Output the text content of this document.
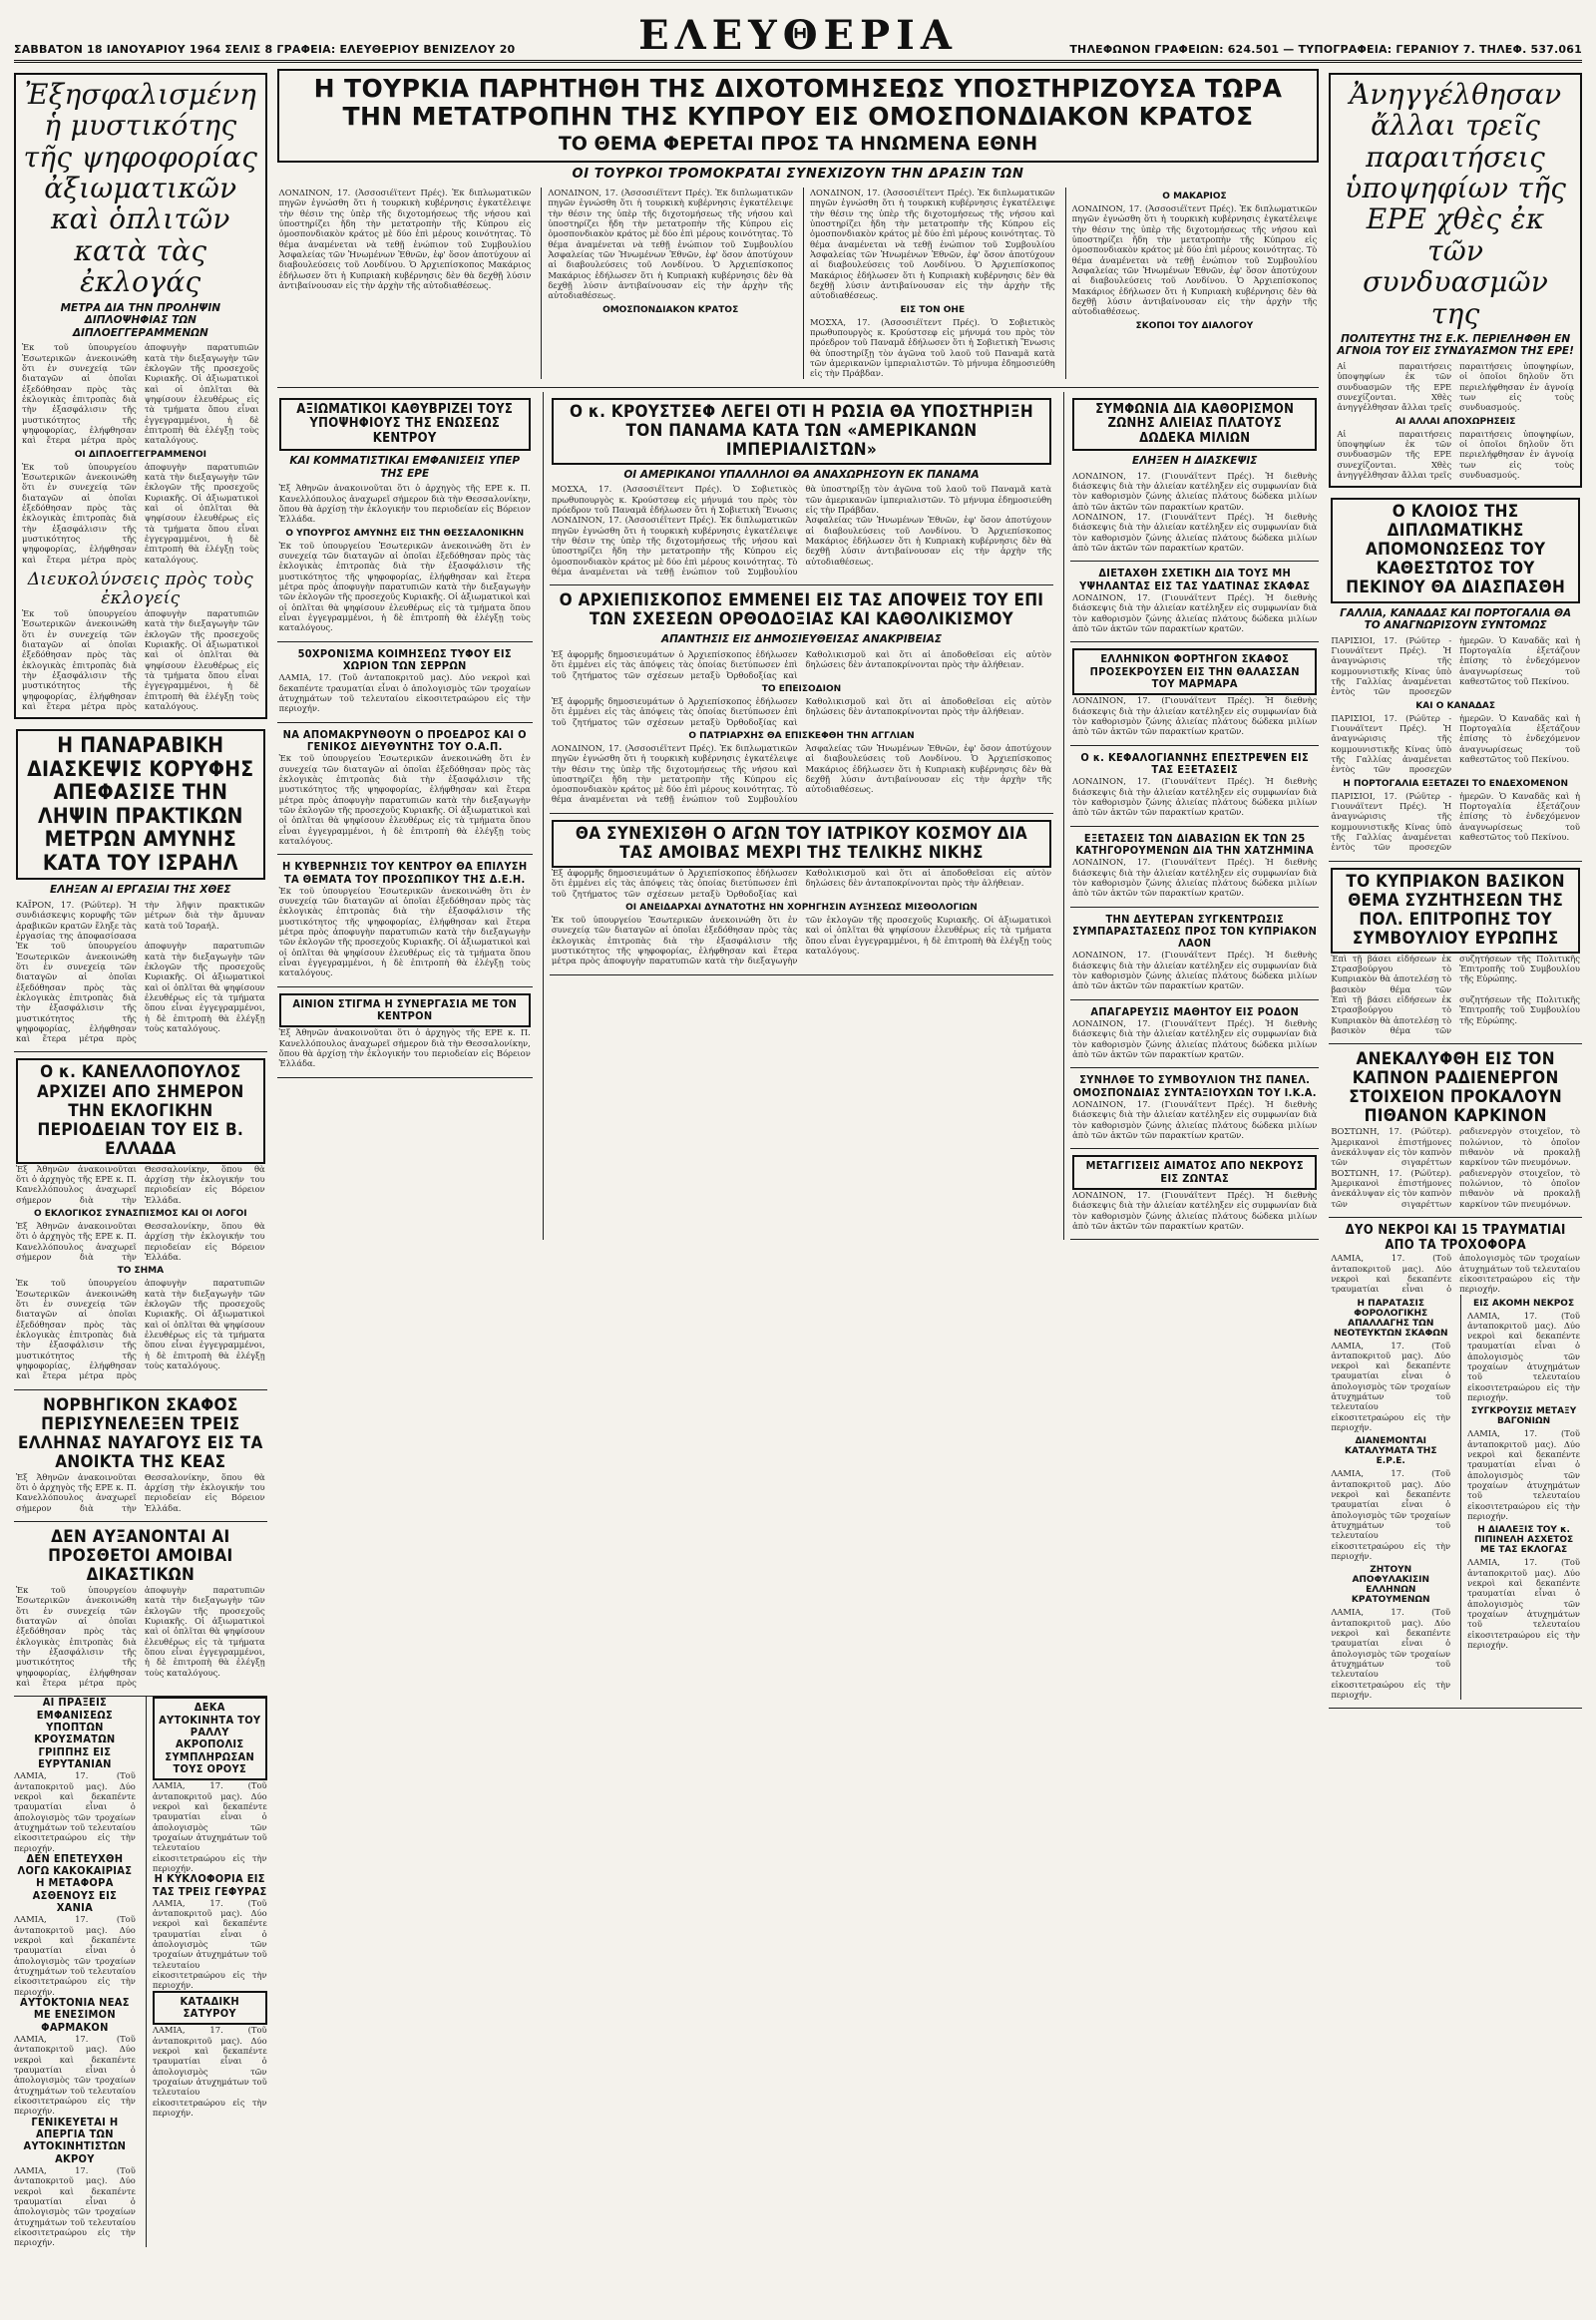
ΣΑΒΒΑΤΟΝ 18 ΙΑΝΟΥΑΡΙΟΥ 1964 ΣΕΛΙΣ 8 ΓΡΑΦΕΙΑ: ΕΛΕΥΘΕΡΙΟΥ ΒΕΝΙΖΕΛΟΥ 20	ΕΛΕΥΘΕΡΙΑ	ΤΗΛΕΦΩΝΟΝ ΓΡΑΦΕΙΩΝ: 624.501 — ΤΥΠΟΓΡΑΦΕΙΑ: ΓΕΡΑΝΙΟΥ 7. ΤΗΛΕΦ. 537.061
Ἐξησφαλισμένη ἡ μυστικότης τῆς ψηφοφορίας ἀξιωματικῶν καὶ ὁπλιτῶν κατὰ τὰς ἐκλογάς
ΜΕΤΡΑ ΔΙΑ ΤΗΝ ΠΡΟΛΗΨΙΝ ΔΙΠΛΟΨΗΦΙΑΣ ΤΩΝ ΔΙΠΛΟΕΓΓΕΡΑΜΜΕΝΩΝ
Ἐκ τοῦ ὑπουργείου Ἐσωτερικῶν ἀνεκοινώθη ὅτι ἐν συνεχείᾳ τῶν διαταγῶν αἱ ὁποῖαι ἐξεδόθησαν πρὸς τὰς ἐκλογικὰς ἐπιτροπὰς διὰ τὴν ἐξασφάλισιν τῆς μυστικότητος τῆς ψηφοφορίας, ἐλήφθησαν καὶ ἕτερα μέτρα πρὸς ἀποφυγὴν παρατυπιῶν κατὰ τὴν διεξαγωγὴν τῶν ἐκλογῶν τῆς προσεχοῦς Κυριακῆς. Οἱ ἀξιωματικοὶ καὶ οἱ ὁπλῖται θὰ ψηφίσουν ἐλευθέρως εἰς τὰ τμήματα ὅπου εἶναι ἐγγεγραμμένοι, ἡ δὲ ἐπιτροπὴ θὰ ἐλέγξῃ τοὺς καταλόγους.
ΟΙ ΔΙΠΛΟΕΓΓΕΓΡΑΜΜΕΝΟΙ
Ἐκ τοῦ ὑπουργείου Ἐσωτερικῶν ἀνεκοινώθη ὅτι ἐν συνεχείᾳ τῶν διαταγῶν αἱ ὁποῖαι ἐξεδόθησαν πρὸς τὰς ἐκλογικὰς ἐπιτροπὰς διὰ τὴν ἐξασφάλισιν τῆς μυστικότητος τῆς ψηφοφορίας, ἐλήφθησαν καὶ ἕτερα μέτρα πρὸς ἀποφυγὴν παρατυπιῶν κατὰ τὴν διεξαγωγὴν τῶν ἐκλογῶν τῆς προσεχοῦς Κυριακῆς. Οἱ ἀξιωματικοὶ καὶ οἱ ὁπλῖται θὰ ψηφίσουν ἐλευθέρως εἰς τὰ τμήματα ὅπου εἶναι ἐγγεγραμμένοι, ἡ δὲ ἐπιτροπὴ θὰ ἐλέγξῃ τοὺς καταλόγους.
Διευκολύνσεις πρὸς τοὺς ἐκλογείς
Ἐκ τοῦ ὑπουργείου Ἐσωτερικῶν ἀνεκοινώθη ὅτι ἐν συνεχείᾳ τῶν διαταγῶν αἱ ὁποῖαι ἐξεδόθησαν πρὸς τὰς ἐκλογικὰς ἐπιτροπὰς διὰ τὴν ἐξασφάλισιν τῆς μυστικότητος τῆς ψηφοφορίας, ἐλήφθησαν καὶ ἕτερα μέτρα πρὸς ἀποφυγὴν παρατυπιῶν κατὰ τὴν διεξαγωγὴν τῶν ἐκλογῶν τῆς προσεχοῦς Κυριακῆς. Οἱ ἀξιωματικοὶ καὶ οἱ ὁπλῖται θὰ ψηφίσουν ἐλευθέρως εἰς τὰ τμήματα ὅπου εἶναι ἐγγεγραμμένοι, ἡ δὲ ἐπιτροπὴ θὰ ἐλέγξῃ τοὺς καταλόγους.
Η ΠΑΝΑΡΑΒΙΚΗ ΔΙΑΣΚΕΨΙΣ ΚΟΡΥΦΗΣ ΑΠΕΦΑΣΙΣΕ ΤΗΝ ΛΗΨΙΝ ΠΡΑΚΤΙΚΩΝ ΜΕΤΡΩΝ ΑΜΥΝΗΣ ΚΑΤΑ ΤΟΥ ΙΣΡΑΗΛ
ΕΛΗΞΑΝ ΑΙ ΕΡΓΑΣΙΑΙ ΤΗΣ ΧΘΕΣ
ΚΑΪΡΟΝ, 17. (Ρώϋτερ). Ἡ συνδιάσκεψις κορυφῆς τῶν ἀραβικῶν κρατῶν ἔληξε τὰς ἐργασίας της ἀποφασίσασα τὴν λῆψιν πρακτικῶν μέτρων διὰ τὴν ἄμυναν κατὰ τοῦ Ἰσραήλ.
Ἐκ τοῦ ὑπουργείου Ἐσωτερικῶν ἀνεκοινώθη ὅτι ἐν συνεχείᾳ τῶν διαταγῶν αἱ ὁποῖαι ἐξεδόθησαν πρὸς τὰς ἐκλογικὰς ἐπιτροπὰς διὰ τὴν ἐξασφάλισιν τῆς μυστικότητος τῆς ψηφοφορίας, ἐλήφθησαν καὶ ἕτερα μέτρα πρὸς ἀποφυγὴν παρατυπιῶν κατὰ τὴν διεξαγωγὴν τῶν ἐκλογῶν τῆς προσεχοῦς Κυριακῆς. Οἱ ἀξιωματικοὶ καὶ οἱ ὁπλῖται θὰ ψηφίσουν ἐλευθέρως εἰς τὰ τμήματα ὅπου εἶναι ἐγγεγραμμένοι, ἡ δὲ ἐπιτροπὴ θὰ ἐλέγξῃ τοὺς καταλόγους.
Ο κ. ΚΑΝΕΛΛΟΠΟΥΛΟΣ ΑΡΧΙΖΕΙ ΑΠΟ ΣΗΜΕΡΟΝ ΤΗΝ ΕΚΛΟΓΙΚΗΝ ΠΕΡΙΟΔΕΙΑΝ ΤΟΥ ΕΙΣ Β. ΕΛΛΑΔΑ
Ἐξ Ἀθηνῶν ἀνακοινοῦται ὅτι ὁ ἀρχηγὸς τῆς ΕΡΕ κ. Π. Κανελλόπουλος ἀναχωρεῖ σήμερον διὰ τὴν Θεσσαλονίκην, ὅπου θὰ ἀρχίσῃ τὴν ἐκλογικήν του περιοδείαν εἰς Βόρειον Ἑλλάδα.
Ο ΕΚΛΟΓΙΚΟΣ ΣΥΝΑΣΠΙΣΜΟΣ ΚΑΙ ΟΙ ΛΟΓΟΙ
Ἐξ Ἀθηνῶν ἀνακοινοῦται ὅτι ὁ ἀρχηγὸς τῆς ΕΡΕ κ. Π. Κανελλόπουλος ἀναχωρεῖ σήμερον διὰ τὴν Θεσσαλονίκην, ὅπου θὰ ἀρχίσῃ τὴν ἐκλογικήν του περιοδείαν εἰς Βόρειον Ἑλλάδα.
ΤΟ ΣΗΜΑ
Ἐκ τοῦ ὑπουργείου Ἐσωτερικῶν ἀνεκοινώθη ὅτι ἐν συνεχείᾳ τῶν διαταγῶν αἱ ὁποῖαι ἐξεδόθησαν πρὸς τὰς ἐκλογικὰς ἐπιτροπὰς διὰ τὴν ἐξασφάλισιν τῆς μυστικότητος τῆς ψηφοφορίας, ἐλήφθησαν καὶ ἕτερα μέτρα πρὸς ἀποφυγὴν παρατυπιῶν κατὰ τὴν διεξαγωγὴν τῶν ἐκλογῶν τῆς προσεχοῦς Κυριακῆς. Οἱ ἀξιωματικοὶ καὶ οἱ ὁπλῖται θὰ ψηφίσουν ἐλευθέρως εἰς τὰ τμήματα ὅπου εἶναι ἐγγεγραμμένοι, ἡ δὲ ἐπιτροπὴ θὰ ἐλέγξῃ τοὺς καταλόγους.
ΝΟΡΒΗΓΙΚΟΝ ΣΚΑΦΟΣ ΠΕΡΙΣΥΝΕΛΕΞΕΝ ΤΡΕΙΣ ΕΛΛΗΝΑΣ ΝΑΥΑΓΟΥΣ ΕΙΣ ΤΑ ΑΝΟΙΚΤΑ ΤΗΣ ΚΕΑΣ
Ἐξ Ἀθηνῶν ἀνακοινοῦται ὅτι ὁ ἀρχηγὸς τῆς ΕΡΕ κ. Π. Κανελλόπουλος ἀναχωρεῖ σήμερον διὰ τὴν Θεσσαλονίκην, ὅπου θὰ ἀρχίσῃ τὴν ἐκλογικήν του περιοδείαν εἰς Βόρειον Ἑλλάδα.
ΔΕΝ ΑΥΞΑΝΟΝΤΑΙ ΑΙ ΠΡΟΣΘΕΤΟΙ ΑΜΟΙΒΑΙ ΔΙΚΑΣΤΙΚΩΝ
Ἐκ τοῦ ὑπουργείου Ἐσωτερικῶν ἀνεκοινώθη ὅτι ἐν συνεχείᾳ τῶν διαταγῶν αἱ ὁποῖαι ἐξεδόθησαν πρὸς τὰς ἐκλογικὰς ἐπιτροπὰς διὰ τὴν ἐξασφάλισιν τῆς μυστικότητος τῆς ψηφοφορίας, ἐλήφθησαν καὶ ἕτερα μέτρα πρὸς ἀποφυγὴν παρατυπιῶν κατὰ τὴν διεξαγωγὴν τῶν ἐκλογῶν τῆς προσεχοῦς Κυριακῆς. Οἱ ἀξιωματικοὶ καὶ οἱ ὁπλῖται θὰ ψηφίσουν ἐλευθέρως εἰς τὰ τμήματα ὅπου εἶναι ἐγγεγραμμένοι, ἡ δὲ ἐπιτροπὴ θὰ ἐλέγξῃ τοὺς καταλόγους.
ΑΙ ΠΡΑΞΕΙΣ ΕΜΦΑΝΙΣΕΩΣ ΥΠΟΠΤΩΝ ΚΡΟΥΣΜΑΤΩΝ ΓΡΙΠΠΗΣ ΕΙΣ ΕΥΡΥΤΑΝΙΑΝ
ΛΑΜΙΑ, 17. (Τοῦ ἀνταποκριτοῦ μας). Δύο νεκροὶ καὶ δεκαπέντε τραυματίαι εἶναι ὁ ἀπολογισμὸς τῶν τροχαίων ἀτυχημάτων τοῦ τελευταίου εἰκοσιτετραώρου εἰς τὴν περιοχήν.
ΔΕΝ ΕΠΕΤΕΥΧΘΗ ΛΟΓΩ ΚΑΚΟΚΑΙΡΙΑΣ Η ΜΕΤΑΦΟΡΑ ΑΣΘΕΝΟΥΣ ΕΙΣ ΧΑΝΙΑ
ΛΑΜΙΑ, 17. (Τοῦ ἀνταποκριτοῦ μας). Δύο νεκροὶ καὶ δεκαπέντε τραυματίαι εἶναι ὁ ἀπολογισμὸς τῶν τροχαίων ἀτυχημάτων τοῦ τελευταίου εἰκοσιτετραώρου εἰς τὴν περιοχήν.
ΑΥΤΟΚΤΟΝΙΑ ΝΕΑΣ ΜΕ ΕΝΕΣΙΜΟΝ ΦΑΡΜΑΚΟΝ
ΛΑΜΙΑ, 17. (Τοῦ ἀνταποκριτοῦ μας). Δύο νεκροὶ καὶ δεκαπέντε τραυματίαι εἶναι ὁ ἀπολογισμὸς τῶν τροχαίων ἀτυχημάτων τοῦ τελευταίου εἰκοσιτετραώρου εἰς τὴν περιοχήν.
ΓΕΝΙΚΕΥΕΤΑΙ Η ΑΠΕΡΓΙΑ ΤΩΝ ΑΥΤΟΚΙΝΗΤΙΣΤΩΝ ΑΚΡΟΥ
ΛΑΜΙΑ, 17. (Τοῦ ἀνταποκριτοῦ μας). Δύο νεκροὶ καὶ δεκαπέντε τραυματίαι εἶναι ὁ ἀπολογισμὸς τῶν τροχαίων ἀτυχημάτων τοῦ τελευταίου εἰκοσιτετραώρου εἰς τὴν περιοχήν.
ΔΕΚΑ ΑΥΤΟΚΙΝΗΤΑ ΤΟΥ ΡΑΛΛΥ ΑΚΡΟΠΟΛΙΣ ΣΥΜΠΛΗΡΩΣΑΝ ΤΟΥΣ ΟΡΟΥΣ
ΛΑΜΙΑ, 17. (Τοῦ ἀνταποκριτοῦ μας). Δύο νεκροὶ καὶ δεκαπέντε τραυματίαι εἶναι ὁ ἀπολογισμὸς τῶν τροχαίων ἀτυχημάτων τοῦ τελευταίου εἰκοσιτετραώρου εἰς τὴν περιοχήν.
Η ΚΥΚΛΟΦΟΡΙΑ ΕΙΣ ΤΑΣ ΤΡΕΙΣ ΓΕΦΥΡΑΣ
ΛΑΜΙΑ, 17. (Τοῦ ἀνταποκριτοῦ μας). Δύο νεκροὶ καὶ δεκαπέντε τραυματίαι εἶναι ὁ ἀπολογισμὸς τῶν τροχαίων ἀτυχημάτων τοῦ τελευταίου εἰκοσιτετραώρου εἰς τὴν περιοχήν.
ΚΑΤΑΔΙΚΗ ΣΑΤΥΡΟΥ
ΛΑΜΙΑ, 17. (Τοῦ ἀνταποκριτοῦ μας). Δύο νεκροὶ καὶ δεκαπέντε τραυματίαι εἶναι ὁ ἀπολογισμὸς τῶν τροχαίων ἀτυχημάτων τοῦ τελευταίου εἰκοσιτετραώρου εἰς τὴν περιοχήν.
Η ΤΟΥΡΚΙΑ ΠΑΡΗΤΗΘΗ ΤΗΣ ΔΙΧΟΤΟΜΗΣΕΩΣ ΥΠΟΣΤΗΡΙΖΟΥΣΑ ΤΩΡΑ ΤΗΝ ΜΕΤΑΤΡΟΠΗΝ ΤΗΣ ΚΥΠΡΟΥ ΕΙΣ ΟΜΟΣΠΟΝΔΙΑΚΟΝ ΚΡΑΤΟΣ
ΤΟ ΘΕΜΑ ΦΕΡΕΤΑΙ ΠΡΟΣ ΤΑ ΗΝΩΜΕΝΑ ΕΘΝΗ
ΟΙ ΤΟΥΡΚΟΙ ΤΡΟΜΟΚΡΑΤΑΙ ΣΥΝΕΧΙΖΟΥΝ ΤΗΝ ΔΡΑΣΙΝ ΤΩΝ
ΛΟΝΔΙΝΟΝ, 17. (Ἀσσοσιέϊτεντ Πρές). Ἐκ διπλωματικῶν πηγῶν ἐγνώσθη ὅτι ἡ τουρκικὴ κυβέρνησις ἐγκατέλειψε τὴν θέσιν της ὑπὲρ τῆς διχοτομήσεως τῆς νήσου καὶ ὑποστηρίζει ἤδη τὴν μετατροπὴν τῆς Κύπρου εἰς ὁμοσπονδιακὸν κράτος μὲ δύο ἐπὶ μέρους κοινότητας. Τὸ θέμα ἀναμένεται νὰ τεθῇ ἐνώπιον τοῦ Συμβουλίου Ἀσφαλείας τῶν Ἡνωμένων Ἐθνῶν, ἐφ' ὅσον ἀποτύχουν αἱ διαβουλεύσεις τοῦ Λονδίνου. Ὁ Ἀρχιεπίσκοπος Μακάριος ἐδήλωσεν ὅτι ἡ Κυπριακὴ κυβέρνησις δὲν θὰ δεχθῇ λύσιν ἀντιβαίνουσαν εἰς τὴν ἀρχὴν τῆς αὐτοδιαθέσεως.
ΛΟΝΔΙΝΟΝ, 17. (Ἀσσοσιέϊτεντ Πρές). Ἐκ διπλωματικῶν πηγῶν ἐγνώσθη ὅτι ἡ τουρκικὴ κυβέρνησις ἐγκατέλειψε τὴν θέσιν της ὑπὲρ τῆς διχοτομήσεως τῆς νήσου καὶ ὑποστηρίζει ἤδη τὴν μετατροπὴν τῆς Κύπρου εἰς ὁμοσπονδιακὸν κράτος μὲ δύο ἐπὶ μέρους κοινότητας. Τὸ θέμα ἀναμένεται νὰ τεθῇ ἐνώπιον τοῦ Συμβουλίου Ἀσφαλείας τῶν Ἡνωμένων Ἐθνῶν, ἐφ' ὅσον ἀποτύχουν αἱ διαβουλεύσεις τοῦ Λονδίνου. Ὁ Ἀρχιεπίσκοπος Μακάριος ἐδήλωσεν ὅτι ἡ Κυπριακὴ κυβέρνησις δὲν θὰ δεχθῇ λύσιν ἀντιβαίνουσαν εἰς τὴν ἀρχὴν τῆς αὐτοδιαθέσεως.
ΟΜΟΣΠΟΝΔΙΑΚΟΝ ΚΡΑΤΟΣ
ΛΟΝΔΙΝΟΝ, 17. (Ἀσσοσιέϊτεντ Πρές). Ἐκ διπλωματικῶν πηγῶν ἐγνώσθη ὅτι ἡ τουρκικὴ κυβέρνησις ἐγκατέλειψε τὴν θέσιν της ὑπὲρ τῆς διχοτομήσεως τῆς νήσου καὶ ὑποστηρίζει ἤδη τὴν μετατροπὴν τῆς Κύπρου εἰς ὁμοσπονδιακὸν κράτος μὲ δύο ἐπὶ μέρους κοινότητας. Τὸ θέμα ἀναμένεται νὰ τεθῇ ἐνώπιον τοῦ Συμβουλίου Ἀσφαλείας τῶν Ἡνωμένων Ἐθνῶν, ἐφ' ὅσον ἀποτύχουν αἱ διαβουλεύσεις τοῦ Λονδίνου. Ὁ Ἀρχιεπίσκοπος Μακάριος ἐδήλωσεν ὅτι ἡ Κυπριακὴ κυβέρνησις δὲν θὰ δεχθῇ λύσιν ἀντιβαίνουσαν εἰς τὴν ἀρχὴν τῆς αὐτοδιαθέσεως.
ΕΙΣ ΤΟΝ ΟΗΕ
ΜΟΣΧΑ, 17. (Ἀσσοσιέϊτεντ Πρές). Ὁ Σοβιετικὸς πρωθυπουργὸς κ. Κρούστσεφ εἰς μήνυμά του πρὸς τὸν πρόεδρον τοῦ Παναμᾶ ἐδήλωσεν ὅτι ἡ Σοβιετικὴ Ἕνωσις θὰ ὑποστηρίξῃ τὸν ἀγῶνα τοῦ λαοῦ τοῦ Παναμᾶ κατὰ τῶν ἀμερικανῶν ἰμπεριαλιστῶν. Τὸ μήνυμα ἐδημοσιεύθη εἰς τὴν Πράβδαν.
Ο ΜΑΚΑΡΙΟΣ
ΛΟΝΔΙΝΟΝ, 17. (Ἀσσοσιέϊτεντ Πρές). Ἐκ διπλωματικῶν πηγῶν ἐγνώσθη ὅτι ἡ τουρκικὴ κυβέρνησις ἐγκατέλειψε τὴν θέσιν της ὑπὲρ τῆς διχοτομήσεως τῆς νήσου καὶ ὑποστηρίζει ἤδη τὴν μετατροπὴν τῆς Κύπρου εἰς ὁμοσπονδιακὸν κράτος μὲ δύο ἐπὶ μέρους κοινότητας. Τὸ θέμα ἀναμένεται νὰ τεθῇ ἐνώπιον τοῦ Συμβουλίου Ἀσφαλείας τῶν Ἡνωμένων Ἐθνῶν, ἐφ' ὅσον ἀποτύχουν αἱ διαβουλεύσεις τοῦ Λονδίνου. Ὁ Ἀρχιεπίσκοπος Μακάριος ἐδήλωσεν ὅτι ἡ Κυπριακὴ κυβέρνησις δὲν θὰ δεχθῇ λύσιν ἀντιβαίνουσαν εἰς τὴν ἀρχὴν τῆς αὐτοδιαθέσεως.
ΣΚΟΠΟΙ ΤΟΥ ΔΙΑΛΟΓΟΥ
ΑΞΙΩΜΑΤΙΚΟΙ ΚΑΘΥΒΡΙΖΕΙ ΤΟΥΣ ΥΠΟΨΗΦΙΟΥΣ ΤΗΣ ΕΝΩΣΕΩΣ ΚΕΝΤΡΟΥ
ΚΑΙ ΚΟΜΜΑΤΙΣΤΙΚΑΙ ΕΜΦΑΝΙΣΕΙΣ ΥΠΕΡ ΤΗΣ ΕΡΕ
Ἐξ Ἀθηνῶν ἀνακοινοῦται ὅτι ὁ ἀρχηγὸς τῆς ΕΡΕ κ. Π. Κανελλόπουλος ἀναχωρεῖ σήμερον διὰ τὴν Θεσσαλονίκην, ὅπου θὰ ἀρχίσῃ τὴν ἐκλογικήν του περιοδείαν εἰς Βόρειον Ἑλλάδα.
Ο ΥΠΟΥΡΓΟΣ ΑΜΥΝΗΣ ΕΙΣ ΤΗΝ ΘΕΣΣΑΛΟΝΙΚΗΝ
Ἐκ τοῦ ὑπουργείου Ἐσωτερικῶν ἀνεκοινώθη ὅτι ἐν συνεχείᾳ τῶν διαταγῶν αἱ ὁποῖαι ἐξεδόθησαν πρὸς τὰς ἐκλογικὰς ἐπιτροπὰς διὰ τὴν ἐξασφάλισιν τῆς μυστικότητος τῆς ψηφοφορίας, ἐλήφθησαν καὶ ἕτερα μέτρα πρὸς ἀποφυγὴν παρατυπιῶν κατὰ τὴν διεξαγωγὴν τῶν ἐκλογῶν τῆς προσεχοῦς Κυριακῆς. Οἱ ἀξιωματικοὶ καὶ οἱ ὁπλῖται θὰ ψηφίσουν ἐλευθέρως εἰς τὰ τμήματα ὅπου εἶναι ἐγγεγραμμένοι, ἡ δὲ ἐπιτροπὴ θὰ ἐλέγξῃ τοὺς καταλόγους.
50ΧΡΟΝΙΣΜΑ ΚΟΙΜΗΣΕΩΣ ΤΥΦΟΥ ΕΙΣ ΧΩΡΙΟΝ ΤΩΝ ΣΕΡΡΩΝ
ΛΑΜΙΑ, 17. (Τοῦ ἀνταποκριτοῦ μας). Δύο νεκροὶ καὶ δεκαπέντε τραυματίαι εἶναι ὁ ἀπολογισμὸς τῶν τροχαίων ἀτυχημάτων τοῦ τελευταίου εἰκοσιτετραώρου εἰς τὴν περιοχήν.
ΝΑ ΑΠΟΜΑΚΡΥΝΘΟΥΝ Ο ΠΡΟΕΔΡΟΣ ΚΑΙ Ο ΓΕΝΙΚΟΣ ΔΙΕΥΘΥΝΤΗΣ ΤΟΥ Ο.Α.Π.
Ἐκ τοῦ ὑπουργείου Ἐσωτερικῶν ἀνεκοινώθη ὅτι ἐν συνεχείᾳ τῶν διαταγῶν αἱ ὁποῖαι ἐξεδόθησαν πρὸς τὰς ἐκλογικὰς ἐπιτροπὰς διὰ τὴν ἐξασφάλισιν τῆς μυστικότητος τῆς ψηφοφορίας, ἐλήφθησαν καὶ ἕτερα μέτρα πρὸς ἀποφυγὴν παρατυπιῶν κατὰ τὴν διεξαγωγὴν τῶν ἐκλογῶν τῆς προσεχοῦς Κυριακῆς. Οἱ ἀξιωματικοὶ καὶ οἱ ὁπλῖται θὰ ψηφίσουν ἐλευθέρως εἰς τὰ τμήματα ὅπου εἶναι ἐγγεγραμμένοι, ἡ δὲ ἐπιτροπὴ θὰ ἐλέγξῃ τοὺς καταλόγους.
Η ΚΥΒΕΡΝΗΣΙΣ ΤΟΥ ΚΕΝΤΡΟΥ ΘΑ ΕΠΙΛΥΣΗ ΤΑ ΘΕΜΑΤΑ ΤΟΥ ΠΡΟΣΩΠΙΚΟΥ ΤΗΣ Δ.Ε.Η.
Ἐκ τοῦ ὑπουργείου Ἐσωτερικῶν ἀνεκοινώθη ὅτι ἐν συνεχείᾳ τῶν διαταγῶν αἱ ὁποῖαι ἐξεδόθησαν πρὸς τὰς ἐκλογικὰς ἐπιτροπὰς διὰ τὴν ἐξασφάλισιν τῆς μυστικότητος τῆς ψηφοφορίας, ἐλήφθησαν καὶ ἕτερα μέτρα πρὸς ἀποφυγὴν παρατυπιῶν κατὰ τὴν διεξαγωγὴν τῶν ἐκλογῶν τῆς προσεχοῦς Κυριακῆς. Οἱ ἀξιωματικοὶ καὶ οἱ ὁπλῖται θὰ ψηφίσουν ἐλευθέρως εἰς τὰ τμήματα ὅπου εἶναι ἐγγεγραμμένοι, ἡ δὲ ἐπιτροπὴ θὰ ἐλέγξῃ τοὺς καταλόγους.
ΑΙΝΙΟΝ ΣΤΙΓΜΑ Η ΣΥΝΕΡΓΑΣΙΑ ΜΕ ΤΟΝ ΚΕΝΤΡΟΝ
Ἐξ Ἀθηνῶν ἀνακοινοῦται ὅτι ὁ ἀρχηγὸς τῆς ΕΡΕ κ. Π. Κανελλόπουλος ἀναχωρεῖ σήμερον διὰ τὴν Θεσσαλονίκην, ὅπου θὰ ἀρχίσῃ τὴν ἐκλογικήν του περιοδείαν εἰς Βόρειον Ἑλλάδα.
Ο κ. ΚΡΟΥΣΤΣΕΦ ΛΕΓΕΙ ΟΤΙ Η ΡΩΣΙΑ ΘΑ ΥΠΟΣΤΗΡΙΞΗ ΤΟΝ ΠΑΝΑΜΑ ΚΑΤΑ ΤΩΝ «ΑΜΕΡΙΚΑΝΩΝ ΙΜΠΕΡΙΑΛΙΣΤΩΝ»
ΟΙ ΑΜΕΡΙΚΑΝΟΙ ΥΠΑΛΛΗΛΟΙ ΘΑ ΑΝΑΧΩΡΗΣΟΥΝ ΕΚ ΠΑΝΑΜΑ
ΜΟΣΧΑ, 17. (Ἀσσοσιέϊτεντ Πρές). Ὁ Σοβιετικὸς πρωθυπουργὸς κ. Κρούστσεφ εἰς μήνυμά του πρὸς τὸν πρόεδρον τοῦ Παναμᾶ ἐδήλωσεν ὅτι ἡ Σοβιετικὴ Ἕνωσις θὰ ὑποστηρίξῃ τὸν ἀγῶνα τοῦ λαοῦ τοῦ Παναμᾶ κατὰ τῶν ἀμερικανῶν ἰμπεριαλιστῶν. Τὸ μήνυμα ἐδημοσιεύθη εἰς τὴν Πράβδαν.
ΛΟΝΔΙΝΟΝ, 17. (Ἀσσοσιέϊτεντ Πρές). Ἐκ διπλωματικῶν πηγῶν ἐγνώσθη ὅτι ἡ τουρκικὴ κυβέρνησις ἐγκατέλειψε τὴν θέσιν της ὑπὲρ τῆς διχοτομήσεως τῆς νήσου καὶ ὑποστηρίζει ἤδη τὴν μετατροπὴν τῆς Κύπρου εἰς ὁμοσπονδιακὸν κράτος μὲ δύο ἐπὶ μέρους κοινότητας. Τὸ θέμα ἀναμένεται νὰ τεθῇ ἐνώπιον τοῦ Συμβουλίου Ἀσφαλείας τῶν Ἡνωμένων Ἐθνῶν, ἐφ' ὅσον ἀποτύχουν αἱ διαβουλεύσεις τοῦ Λονδίνου. Ὁ Ἀρχιεπίσκοπος Μακάριος ἐδήλωσεν ὅτι ἡ Κυπριακὴ κυβέρνησις δὲν θὰ δεχθῇ λύσιν ἀντιβαίνουσαν εἰς τὴν ἀρχὴν τῆς αὐτοδιαθέσεως.
Ο ΑΡΧΙΕΠΙΣΚΟΠΟΣ ΕΜΜΕΝΕΙ ΕΙΣ ΤΑΣ ΑΠΟΨΕΙΣ ΤΟΥ ΕΠΙ ΤΩΝ ΣΧΕΣΕΩΝ ΟΡΘΟΔΟΞΙΑΣ ΚΑΙ ΚΑΘΟΛΙΚΙΣΜΟΥ
ΑΠΑΝΤΗΣΙΣ ΕΙΣ ΔΗΜΟΣΙΕΥΘΕΙΣΑΣ ΑΝΑΚΡΙΒΕΙΑΣ
Ἐξ ἀφορμῆς δημοσιευμάτων ὁ Ἀρχιεπίσκοπος ἐδήλωσεν ὅτι ἐμμένει εἰς τὰς ἀπόψεις τὰς ὁποίας διετύπωσεν ἐπὶ τοῦ ζητήματος τῶν σχέσεων μεταξὺ Ὀρθοδοξίας καὶ Καθολικισμοῦ καὶ ὅτι αἱ ἀποδοθεῖσαι εἰς αὐτὸν δηλώσεις δὲν ἀνταποκρίνονται πρὸς τὴν ἀλήθειαν.
ΤΟ ΕΠΕΙΣΟΔΙΟΝ
Ἐξ ἀφορμῆς δημοσιευμάτων ὁ Ἀρχιεπίσκοπος ἐδήλωσεν ὅτι ἐμμένει εἰς τὰς ἀπόψεις τὰς ὁποίας διετύπωσεν ἐπὶ τοῦ ζητήματος τῶν σχέσεων μεταξὺ Ὀρθοδοξίας καὶ Καθολικισμοῦ καὶ ὅτι αἱ ἀποδοθεῖσαι εἰς αὐτὸν δηλώσεις δὲν ἀνταποκρίνονται πρὸς τὴν ἀλήθειαν.
Ο ΠΑΤΡΙΑΡΧΗΣ ΘΑ ΕΠΙΣΚΕΦΘΗ ΤΗΝ ΑΓΓΛΙΑΝ
ΛΟΝΔΙΝΟΝ, 17. (Ἀσσοσιέϊτεντ Πρές). Ἐκ διπλωματικῶν πηγῶν ἐγνώσθη ὅτι ἡ τουρκικὴ κυβέρνησις ἐγκατέλειψε τὴν θέσιν της ὑπὲρ τῆς διχοτομήσεως τῆς νήσου καὶ ὑποστηρίζει ἤδη τὴν μετατροπὴν τῆς Κύπρου εἰς ὁμοσπονδιακὸν κράτος μὲ δύο ἐπὶ μέρους κοινότητας. Τὸ θέμα ἀναμένεται νὰ τεθῇ ἐνώπιον τοῦ Συμβουλίου Ἀσφαλείας τῶν Ἡνωμένων Ἐθνῶν, ἐφ' ὅσον ἀποτύχουν αἱ διαβουλεύσεις τοῦ Λονδίνου. Ὁ Ἀρχιεπίσκοπος Μακάριος ἐδήλωσεν ὅτι ἡ Κυπριακὴ κυβέρνησις δὲν θὰ δεχθῇ λύσιν ἀντιβαίνουσαν εἰς τὴν ἀρχὴν τῆς αὐτοδιαθέσεως.
ΘΑ ΣΥΝΕΧΙΣΘΗ Ο ΑΓΩΝ ΤΟΥ ΙΑΤΡΙΚΟΥ ΚΟΣΜΟΥ ΔΙΑ ΤΑΣ ΑΜΟΙΒΑΣ ΜΕΧΡΙ ΤΗΣ ΤΕΛΙΚΗΣ ΝΙΚΗΣ
Ἐξ ἀφορμῆς δημοσιευμάτων ὁ Ἀρχιεπίσκοπος ἐδήλωσεν ὅτι ἐμμένει εἰς τὰς ἀπόψεις τὰς ὁποίας διετύπωσεν ἐπὶ τοῦ ζητήματος τῶν σχέσεων μεταξὺ Ὀρθοδοξίας καὶ Καθολικισμοῦ καὶ ὅτι αἱ ἀποδοθεῖσαι εἰς αὐτὸν δηλώσεις δὲν ἀνταποκρίνονται πρὸς τὴν ἀλήθειαν.
ΟΙ ΑΝΕΙΔΑΡΧΑΙ ΔΥΝΑΤΟΤΗΣ ΗΝ ΧΟΡΗΓΗΣΙΝ ΑΥΞΗΣΕΩΣ ΜΙΣΘΟΛΟΓΙΩΝ
Ἐκ τοῦ ὑπουργείου Ἐσωτερικῶν ἀνεκοινώθη ὅτι ἐν συνεχείᾳ τῶν διαταγῶν αἱ ὁποῖαι ἐξεδόθησαν πρὸς τὰς ἐκλογικὰς ἐπιτροπὰς διὰ τὴν ἐξασφάλισιν τῆς μυστικότητος τῆς ψηφοφορίας, ἐλήφθησαν καὶ ἕτερα μέτρα πρὸς ἀποφυγὴν παρατυπιῶν κατὰ τὴν διεξαγωγὴν τῶν ἐκλογῶν τῆς προσεχοῦς Κυριακῆς. Οἱ ἀξιωματικοὶ καὶ οἱ ὁπλῖται θὰ ψηφίσουν ἐλευθέρως εἰς τὰ τμήματα ὅπου εἶναι ἐγγεγραμμένοι, ἡ δὲ ἐπιτροπὴ θὰ ἐλέγξῃ τοὺς καταλόγους.
ΣΥΜΦΩΝΙΑ ΔΙΑ ΚΑΘΟΡΙΣΜΟΝ ΖΩΝΗΣ ΑΛΙΕΙΑΣ ΠΛΑΤΟΥΣ ΔΩΔΕΚΑ ΜΙΛΙΩΝ
ΕΛΗΞΕΝ Η ΔΙΑΣΚΕΨΙΣ
ΛΟΝΔΙΝΟΝ, 17. (Γιουνάϊτεντ Πρές). Ἡ διεθνὴς διάσκεψις διὰ τὴν ἁλιείαν κατέληξεν εἰς συμφωνίαν διὰ τὸν καθορισμὸν ζώνης ἁλιείας πλάτους δώδεκα μιλίων ἀπὸ τῶν ἀκτῶν τῶν παρακτίων κρατῶν.
ΛΟΝΔΙΝΟΝ, 17. (Γιουνάϊτεντ Πρές). Ἡ διεθνὴς διάσκεψις διὰ τὴν ἁλιείαν κατέληξεν εἰς συμφωνίαν διὰ τὸν καθορισμὸν ζώνης ἁλιείας πλάτους δώδεκα μιλίων ἀπὸ τῶν ἀκτῶν τῶν παρακτίων κρατῶν.
ΔΙΕΤΑΧΘΗ ΣΧΕΤΙΚΗ ΔΙΑ ΤΟΥΣ ΜΗ ΥΨΗΛΑΝΤΑΣ ΕΙΣ ΤΑΣ ΥΔΑΤΙΝΑΣ ΣΚΑΦΑΣ
ΛΟΝΔΙΝΟΝ, 17. (Γιουνάϊτεντ Πρές). Ἡ διεθνὴς διάσκεψις διὰ τὴν ἁλιείαν κατέληξεν εἰς συμφωνίαν διὰ τὸν καθορισμὸν ζώνης ἁλιείας πλάτους δώδεκα μιλίων ἀπὸ τῶν ἀκτῶν τῶν παρακτίων κρατῶν.
ΕΛΛΗΝΙΚΟΝ ΦΟΡΤΗΓΟΝ ΣΚΑΦΟΣ ΠΡΟΣΕΚΡΟΥΣΕΝ ΕΙΣ ΤΗΝ ΘΑΛΑΣΣΑΝ ΤΟΥ ΜΑΡΜΑΡΑ
ΛΟΝΔΙΝΟΝ, 17. (Γιουνάϊτεντ Πρές). Ἡ διεθνὴς διάσκεψις διὰ τὴν ἁλιείαν κατέληξεν εἰς συμφωνίαν διὰ τὸν καθορισμὸν ζώνης ἁλιείας πλάτους δώδεκα μιλίων ἀπὸ τῶν ἀκτῶν τῶν παρακτίων κρατῶν.
Ο κ. ΚΕΦΑΛΟΓΙΑΝΝΗΣ ΕΠΕΣΤΡΕΨΕΝ ΕΙΣ ΤΑΣ ΕΞΕΤΑΣΕΙΣ
ΛΟΝΔΙΝΟΝ, 17. (Γιουνάϊτεντ Πρές). Ἡ διεθνὴς διάσκεψις διὰ τὴν ἁλιείαν κατέληξεν εἰς συμφωνίαν διὰ τὸν καθορισμὸν ζώνης ἁλιείας πλάτους δώδεκα μιλίων ἀπὸ τῶν ἀκτῶν τῶν παρακτίων κρατῶν.
ΕΞΕΤΑΣΕΙΣ ΤΩΝ ΔΙΑΒΑΣΙΩΝ ΕΚ ΤΩΝ 25 ΚΑΤΗΓΟΡΟΥΜΕΝΩΝ ΔΙΑ ΤΗΝ ΧΑΤΖΗΜΙΝΑ
ΛΟΝΔΙΝΟΝ, 17. (Γιουνάϊτεντ Πρές). Ἡ διεθνὴς διάσκεψις διὰ τὴν ἁλιείαν κατέληξεν εἰς συμφωνίαν διὰ τὸν καθορισμὸν ζώνης ἁλιείας πλάτους δώδεκα μιλίων ἀπὸ τῶν ἀκτῶν τῶν παρακτίων κρατῶν.
ΤΗΝ ΔΕΥΤΕΡΑΝ ΣΥΓΚΕΝΤΡΩΣΙΣ ΣΥΜΠΑΡΑΣΤΑΣΕΩΣ ΠΡΟΣ ΤΟΝ ΚΥΠΡΙΑΚΟΝ ΛΑΟΝ
ΛΟΝΔΙΝΟΝ, 17. (Γιουνάϊτεντ Πρές). Ἡ διεθνὴς διάσκεψις διὰ τὴν ἁλιείαν κατέληξεν εἰς συμφωνίαν διὰ τὸν καθορισμὸν ζώνης ἁλιείας πλάτους δώδεκα μιλίων ἀπὸ τῶν ἀκτῶν τῶν παρακτίων κρατῶν.
ΑΠΑΓΑΡΕΥΣΙΣ ΜΑΘΗΤΟΥ ΕΙΣ ΡΟΔΟΝ
ΛΟΝΔΙΝΟΝ, 17. (Γιουνάϊτεντ Πρές). Ἡ διεθνὴς διάσκεψις διὰ τὴν ἁλιείαν κατέληξεν εἰς συμφωνίαν διὰ τὸν καθορισμὸν ζώνης ἁλιείας πλάτους δώδεκα μιλίων ἀπὸ τῶν ἀκτῶν τῶν παρακτίων κρατῶν.
ΣΥΝΗΛΘΕ ΤΟ ΣΥΜΒΟΥΛΙΟΝ ΤΗΣ ΠΑΝΕΛ. ΟΜΟΣΠΟΝΔΙΑΣ ΣΥΝΤΑΞΙΟΥΧΩΝ ΤΟΥ Ι.Κ.Α.
ΛΟΝΔΙΝΟΝ, 17. (Γιουνάϊτεντ Πρές). Ἡ διεθνὴς διάσκεψις διὰ τὴν ἁλιείαν κατέληξεν εἰς συμφωνίαν διὰ τὸν καθορισμὸν ζώνης ἁλιείας πλάτους δώδεκα μιλίων ἀπὸ τῶν ἀκτῶν τῶν παρακτίων κρατῶν.
ΜΕΤΑΓΓΙΣΕΙΣ ΑΙΜΑΤΟΣ ΑΠΟ ΝΕΚΡΟΥΣ ΕΙΣ ΖΩΝΤΑΣ
ΛΟΝΔΙΝΟΝ, 17. (Γιουνάϊτεντ Πρές). Ἡ διεθνὴς διάσκεψις διὰ τὴν ἁλιείαν κατέληξεν εἰς συμφωνίαν διὰ τὸν καθορισμὸν ζώνης ἁλιείας πλάτους δώδεκα μιλίων ἀπὸ τῶν ἀκτῶν τῶν παρακτίων κρατῶν.
Ἀνηγγέλθησαν ἄλλαι τρεῖς παραιτήσεις ὑποψηφίων τῆς ΕΡΕ χθὲς ἐκ τῶν συνδυασμῶν της
ΠΟΛΙΤΕΥΤΗΣ ΤΗΣ Ε.Κ. ΠΕΡΙΕΛΗΦΘΗ ΕΝ ΑΓΝΟΙΑ ΤΟΥ ΕΙΣ ΣΥΝΔΥΑΣΜΟΝ ΤΗΣ ΕΡΕ!
Αἱ παραιτήσεις ὑποψηφίων ἐκ τῶν συνδυασμῶν τῆς ΕΡΕ συνεχίζονται. Χθὲς ἀνηγγέλθησαν ἄλλαι τρεῖς παραιτήσεις ὑποψηφίων, οἱ ὁποῖοι δηλοῦν ὅτι περιελήφθησαν ἐν ἀγνοίᾳ των εἰς τοὺς συνδυασμούς.
ΑΙ ΑΛΛΑΙ ΑΠΟΧΩΡΗΣΕΙΣ
Αἱ παραιτήσεις ὑποψηφίων ἐκ τῶν συνδυασμῶν τῆς ΕΡΕ συνεχίζονται. Χθὲς ἀνηγγέλθησαν ἄλλαι τρεῖς παραιτήσεις ὑποψηφίων, οἱ ὁποῖοι δηλοῦν ὅτι περιελήφθησαν ἐν ἀγνοίᾳ των εἰς τοὺς συνδυασμούς.
Ο ΚΛΟΙΟΣ ΤΗΣ ΔΙΠΛΩΜΑΤΙΚΗΣ ΑΠΟΜΟΝΩΣΕΩΣ ΤΟΥ ΚΑΘΕΣΤΩΤΟΣ ΤΟΥ ΠΕΚΙΝΟΥ ΘΑ ΔΙΑΣΠΑΣΘΗ
ΓΑΛΛΙΑ, ΚΑΝΑΔΑΣ ΚΑΙ ΠΟΡΤΟΓΑΛΙΑ ΘΑ ΤΟ ΑΝΑΓΝΩΡΙΣΟΥΝ ΣΥΝΤΟΜΩΣ
ΠΑΡΙΣΙΟΙ, 17. (Ρώϋτερ - Γιουνάϊτεντ Πρές). Ἡ ἀναγνώρισις τῆς κομμουνιστικῆς Κίνας ὑπὸ τῆς Γαλλίας ἀναμένεται ἐντὸς τῶν προσεχῶν ἡμερῶν. Ὁ Καναδᾶς καὶ ἡ Πορτογαλία ἐξετάζουν ἐπίσης τὸ ἐνδεχόμενον ἀναγνωρίσεως τοῦ καθεστῶτος τοῦ Πεκίνου.
ΚΑΙ Ο ΚΑΝΑΔΑΣ
ΠΑΡΙΣΙΟΙ, 17. (Ρώϋτερ - Γιουνάϊτεντ Πρές). Ἡ ἀναγνώρισις τῆς κομμουνιστικῆς Κίνας ὑπὸ τῆς Γαλλίας ἀναμένεται ἐντὸς τῶν προσεχῶν ἡμερῶν. Ὁ Καναδᾶς καὶ ἡ Πορτογαλία ἐξετάζουν ἐπίσης τὸ ἐνδεχόμενον ἀναγνωρίσεως τοῦ καθεστῶτος τοῦ Πεκίνου.
Η ΠΟΡΤΟΓΑΛΙΑ ΕΞΕΤΑΖΕΙ ΤΟ ΕΝΔΕΧΟΜΕΝΟΝ
ΠΑΡΙΣΙΟΙ, 17. (Ρώϋτερ - Γιουνάϊτεντ Πρές). Ἡ ἀναγνώρισις τῆς κομμουνιστικῆς Κίνας ὑπὸ τῆς Γαλλίας ἀναμένεται ἐντὸς τῶν προσεχῶν ἡμερῶν. Ὁ Καναδᾶς καὶ ἡ Πορτογαλία ἐξετάζουν ἐπίσης τὸ ἐνδεχόμενον ἀναγνωρίσεως τοῦ καθεστῶτος τοῦ Πεκίνου.
ΤΟ ΚΥΠΡΙΑΚΟΝ ΒΑΣΙΚΟΝ ΘΕΜΑ ΣΥΖΗΤΗΣΕΩΝ ΤΗΣ ΠΟΛ. ΕΠΙΤΡΟΠΗΣ ΤΟΥ ΣΥΜΒΟΥΛΙΟΥ ΕΥΡΩΠΗΣ
Ἐπὶ τῇ βάσει εἰδήσεων ἐκ Στρασβούργου τὸ Κυπριακὸν θὰ ἀποτελέσῃ τὸ βασικὸν θέμα τῶν συζητήσεων τῆς Πολιτικῆς Ἐπιτροπῆς τοῦ Συμβουλίου τῆς Εὐρώπης.
Ἐπὶ τῇ βάσει εἰδήσεων ἐκ Στρασβούργου τὸ Κυπριακὸν θὰ ἀποτελέσῃ τὸ βασικὸν θέμα τῶν συζητήσεων τῆς Πολιτικῆς Ἐπιτροπῆς τοῦ Συμβουλίου τῆς Εὐρώπης.
ΑΝΕΚΑΛΥΦΘΗ ΕΙΣ ΤΟΝ ΚΑΠΝΟΝ ΡΑΔΙΕΝΕΡΓΟΝ ΣΤΟΙΧΕΙΟΝ ΠΡΟΚΑΛΟΥΝ ΠΙΘΑΝΟΝ ΚΑΡΚΙΝΟΝ
ΒΟΣΤΩΝΗ, 17. (Ρώϋτερ). Ἀμερικανοὶ ἐπιστήμονες ἀνεκάλυψαν εἰς τὸν καπνὸν τῶν σιγαρέττων ραδιενεργὸν στοιχεῖον, τὸ πολώνιον, τὸ ὁποῖον πιθανὸν νὰ προκαλῇ καρκίνον τῶν πνευμόνων.
ΒΟΣΤΩΝΗ, 17. (Ρώϋτερ). Ἀμερικανοὶ ἐπιστήμονες ἀνεκάλυψαν εἰς τὸν καπνὸν τῶν σιγαρέττων ραδιενεργὸν στοιχεῖον, τὸ πολώνιον, τὸ ὁποῖον πιθανὸν νὰ προκαλῇ καρκίνον τῶν πνευμόνων.
ΔΥΟ ΝΕΚΡΟΙ ΚΑΙ 15 ΤΡΑΥΜΑΤΙΑΙ ΑΠΟ ΤΑ ΤΡΟΧΟΦΟΡΑ
ΛΑΜΙΑ, 17. (Τοῦ ἀνταποκριτοῦ μας). Δύο νεκροὶ καὶ δεκαπέντε τραυματίαι εἶναι ὁ ἀπολογισμὸς τῶν τροχαίων ἀτυχημάτων τοῦ τελευταίου εἰκοσιτετραώρου εἰς τὴν περιοχήν.
Η ΠΑΡΑΤΑΣΙΣ ΦΟΡΟΛΟΓΙΚΗΣ ΑΠΑΛΛΑΓΗΣ ΤΩΝ ΝΕΟΤΕΥΚΤΩΝ ΣΚΑΦΩΝ
ΛΑΜΙΑ, 17. (Τοῦ ἀνταποκριτοῦ μας). Δύο νεκροὶ καὶ δεκαπέντε τραυματίαι εἶναι ὁ ἀπολογισμὸς τῶν τροχαίων ἀτυχημάτων τοῦ τελευταίου εἰκοσιτετραώρου εἰς τὴν περιοχήν.
ΔΙΑΝΕΜΟΝΤΑΙ ΚΑΤΑΛΥΜΑΤΑ ΤΗΣ Ε.Ρ.Ε.
ΛΑΜΙΑ, 17. (Τοῦ ἀνταποκριτοῦ μας). Δύο νεκροὶ καὶ δεκαπέντε τραυματίαι εἶναι ὁ ἀπολογισμὸς τῶν τροχαίων ἀτυχημάτων τοῦ τελευταίου εἰκοσιτετραώρου εἰς τὴν περιοχήν.
ΖΗΤΟΥΝ ΑΠΟΦΥΛΑΚΙΣΙΝ ΕΛΛΗΝΩΝ ΚΡΑΤΟΥΜΕΝΩΝ
ΛΑΜΙΑ, 17. (Τοῦ ἀνταποκριτοῦ μας). Δύο νεκροὶ καὶ δεκαπέντε τραυματίαι εἶναι ὁ ἀπολογισμὸς τῶν τροχαίων ἀτυχημάτων τοῦ τελευταίου εἰκοσιτετραώρου εἰς τὴν περιοχήν.
ΕΙΣ ΑΚΟΜΗ ΝΕΚΡΟΣ
ΛΑΜΙΑ, 17. (Τοῦ ἀνταποκριτοῦ μας). Δύο νεκροὶ καὶ δεκαπέντε τραυματίαι εἶναι ὁ ἀπολογισμὸς τῶν τροχαίων ἀτυχημάτων τοῦ τελευταίου εἰκοσιτετραώρου εἰς τὴν περιοχήν.
ΣΥΓΚΡΟΥΣΙΣ ΜΕΤΑΞΥ ΒΑΓΟΝΙΩΝ
ΛΑΜΙΑ, 17. (Τοῦ ἀνταποκριτοῦ μας). Δύο νεκροὶ καὶ δεκαπέντε τραυματίαι εἶναι ὁ ἀπολογισμὸς τῶν τροχαίων ἀτυχημάτων τοῦ τελευταίου εἰκοσιτετραώρου εἰς τὴν περιοχήν.
Η ΔΙΑΛΕΞΙΣ ΤΟΥ κ. ΠΙΠΙΝΕΛΗ ΑΣΧΕΤΟΣ ΜΕ ΤΑΣ ΕΚΛΟΓΑΣ
ΛΑΜΙΑ, 17. (Τοῦ ἀνταποκριτοῦ μας). Δύο νεκροὶ καὶ δεκαπέντε τραυματίαι εἶναι ὁ ἀπολογισμὸς τῶν τροχαίων ἀτυχημάτων τοῦ τελευταίου εἰκοσιτετραώρου εἰς τὴν περιοχήν.
